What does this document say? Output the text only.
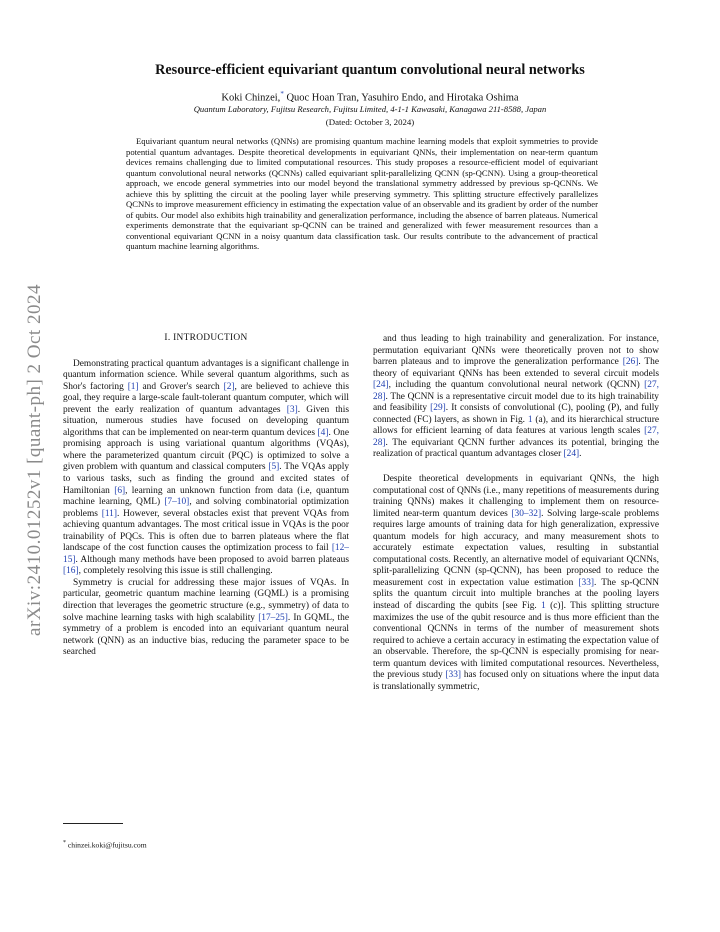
arXiv:2410.01252v1 [quant-ph] 2 Oct 2024
Resource-efficient equivariant quantum convolutional neural networks
Koki Chinzei,* Quoc Hoan Tran, Yasuhiro Endo, and Hirotaka Oshima
Quantum Laboratory, Fujitsu Research, Fujitsu Limited, 4-1-1 Kawasaki, Kanagawa 211-8588, Japan
(Dated: October 3, 2024)
Equivariant quantum neural networks (QNNs) are promising quantum machine learning models that exploit symmetries to provide potential quantum advantages. Despite theoretical developments in equivariant QNNs, their implementation on near-term quantum devices remains challenging due to limited computational resources. This study proposes a resource-efficient model of equivariant quantum convolutional neural networks (QCNNs) called equivariant split-parallelizing QCNN (sp-QCNN). Using a group-theoretical approach, we encode general symmetries into our model beyond the translational symmetry addressed by previous sp-QCNNs. We achieve this by splitting the circuit at the pooling layer while preserving symmetry. This splitting structure effectively parallelizes QCNNs to improve measurement efficiency in estimating the expectation value of an observable and its gradient by order of the number of qubits. Our model also exhibits high trainability and generalization performance, including the absence of barren plateaus. Numerical experiments demonstrate that the equivariant sp-QCNN can be trained and generalized with fewer measurement resources than a conventional equivariant QCNN in a noisy quantum data classification task. Our results contribute to the advancement of practical quantum machine learning algorithms.
I. INTRODUCTION

Demonstrating practical quantum advantages is a significant challenge in quantum information science. While several quantum algorithms, such as Shor's factoring [1] and Grover's search [2], are believed to achieve this goal, they require a large-scale fault-tolerant quantum computer, which will prevent the early realization of quantum advantages [3]. Given this situation, numerous studies have focused on developing quantum algorithms that can be implemented on near-term quantum devices [4]. One promising approach is using variational quantum algorithms (VQAs), where the parameterized quantum circuit (PQC) is optimized to solve a given problem with quantum and classical computers [5]. The VQAs apply to various tasks, such as finding the ground and excited states of Hamiltonian [6], learning an unknown function from data (i.e, quantum machine learning, QML) [7–10], and solving combinatorial optimization problems [11]. However, several obstacles exist that prevent VQAs from achieving quantum advantages. The most critical issue in VQAs is the poor trainability of PQCs. This is often due to barren plateaus where the flat landscape of the cost function causes the optimization process to fail [12–15]. Although many methods have been proposed to avoid barren plateaus [16], completely resolving this issue is still challenging.

Symmetry is crucial for addressing these major issues of VQAs. In particular, geometric quantum machine learning (GQML) is a promising direction that leverages the geometric structure (e.g., symmetry) of data to solve machine learning tasks with high scalability [17–25]. In GQML, the symmetry of a problem is encoded into an equivariant quantum neural network (QNN) as an inductive bias, reducing the parameter space to be searched

and thus leading to high trainability and generalization. For instance, permutation equivariant QNNs were theoretically proven not to show barren plateaus and to improve the generalization performance [26]. The theory of equivariant QNNs has been extended to several circuit models [24], including the quantum convolutional neural network (QCNN) [27, 28]. The QCNN is a representative circuit model due to its high trainability and feasibility [29]. It consists of convolutional (C), pooling (P), and fully connected (FC) layers, as shown in Fig. 1 (a), and its hierarchical structure allows for efficient learning of data features at various length scales [27, 28]. The equivariant QCNN further advances its potential, bringing the realization of practical quantum advantages closer [24].

Despite theoretical developments in equivariant QNNs, the high computational cost of QNNs (i.e., many repetitions of measurements during training QNNs) makes it challenging to implement them on resource-limited near-term quantum devices [30–32]. Solving large-scale problems requires large amounts of training data for high generalization, expressive quantum models for high accuracy, and many measurement shots to accurately estimate expectation values, resulting in substantial computational costs. Recently, an alternative model of equivariant QCNNs, split-parallelizing QCNN (sp-QCNN), has been proposed to reduce the measurement cost in expectation value estimation [33]. The sp-QCNN splits the quantum circuit into multiple branches at the pooling layers instead of discarding the qubits [see Fig. 1 (c)]. This splitting structure maximizes the use of the qubit resource and is thus more efficient than the conventional QCNNs in terms of the number of measurement shots required to achieve a certain accuracy in estimating the expectation value of an observable. Therefore, the sp-QCNN is especially promising for near-term quantum devices with limited computational resources. Nevertheless, the previous study [33] has focused only on situations where the input data is translationally symmetric,

* chinzei.koki@fujitsu.com
